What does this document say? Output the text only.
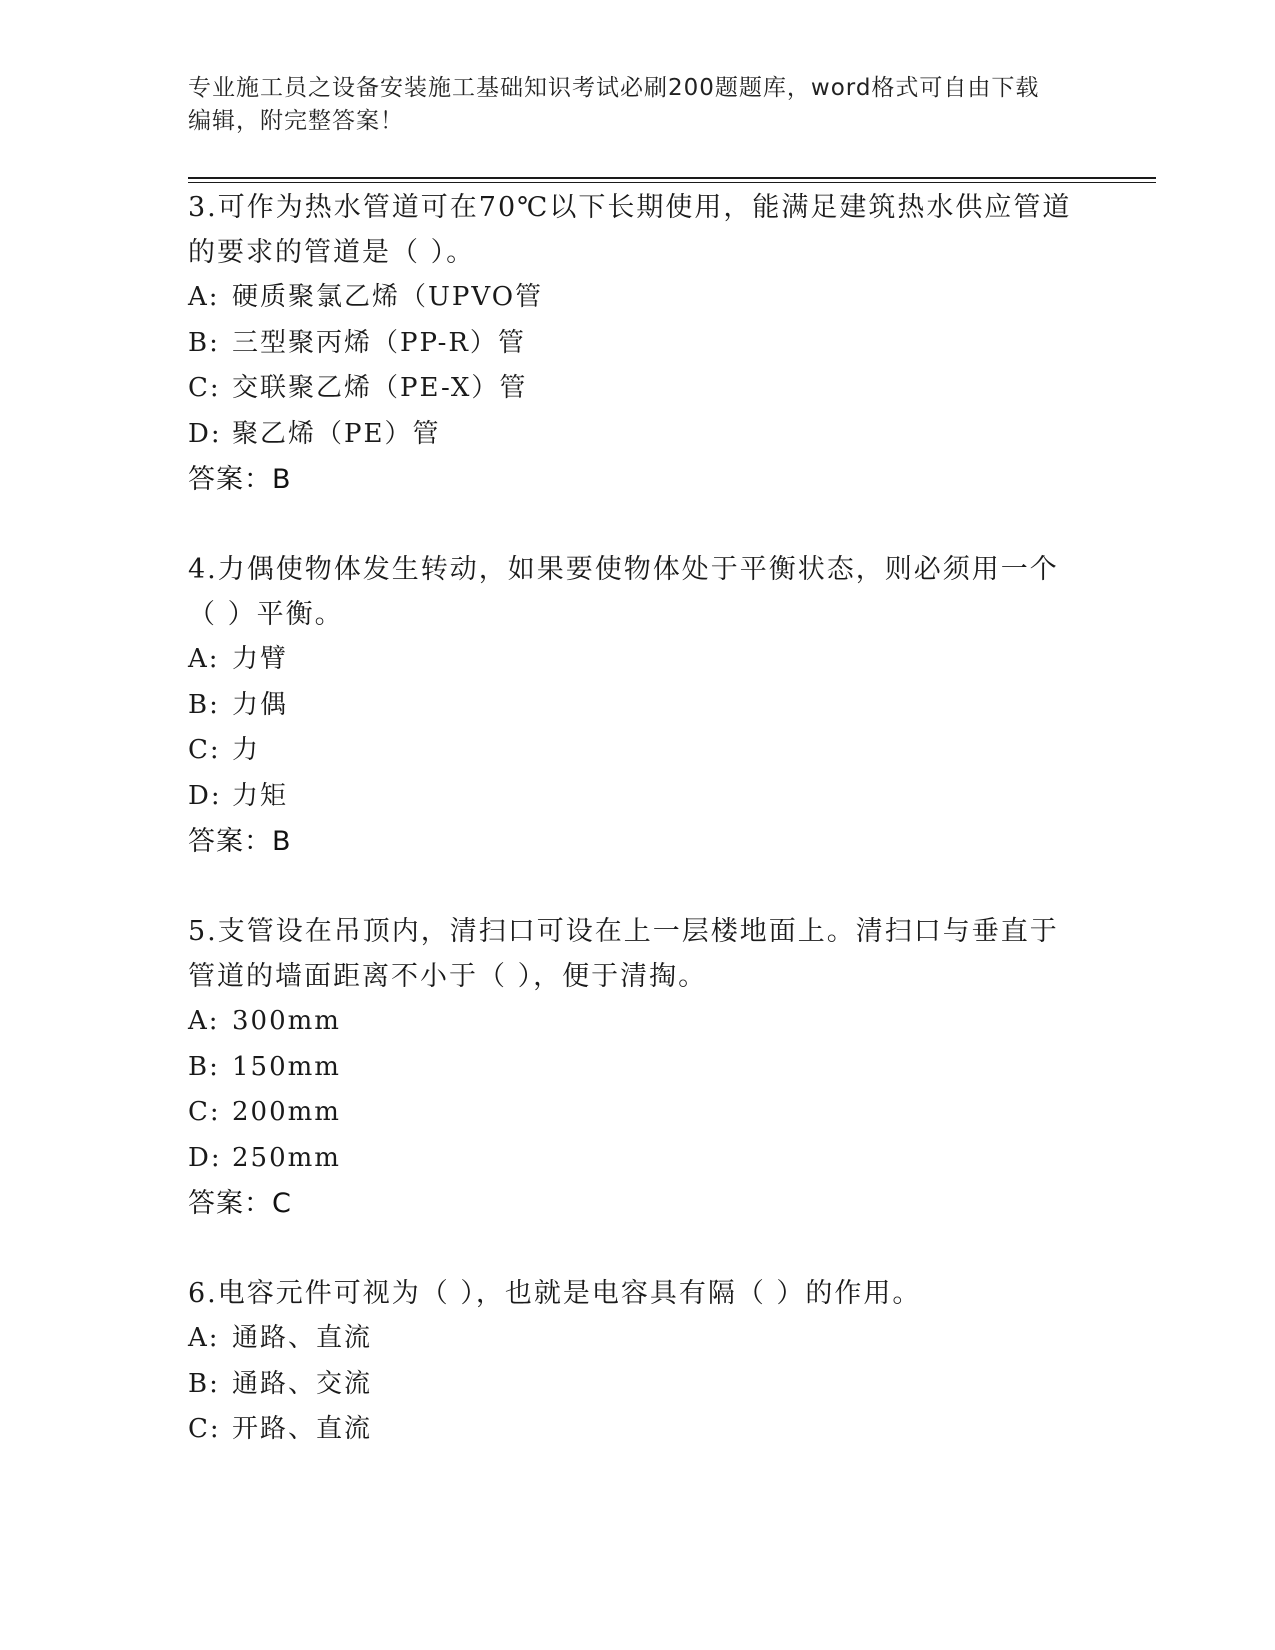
专业施工员之设备安装施工基础知识考试必刷200题题库，word格式可自由下载
编辑，附完整答案！
3.可作为热水管道可在70℃以下长期使用，能满足建筑热水供应管道
的要求的管道是（ ）。
A: 硬质聚氯乙烯（UPVO管
B: 三型聚丙烯（PP-R）管
C: 交联聚乙烯（PE-X）管
D: 聚乙烯（PE）管
答案：B
4.力偶使物体发生转动，如果要使物体处于平衡状态，则必须用一个
（ ）平衡。
A: 力臂
B: 力偶
C: 力
D: 力矩
答案：B
5.支管设在吊顶内，清扫口可设在上一层楼地面上。清扫口与垂直于
管道的墙面距离不小于（ ），便于清掏。
A: 300mm
B: 150mm
C: 200mm
D: 250mm
答案：C
6.电容元件可视为（ ），也就是电容具有隔（ ）的作用。
A: 通路、直流
B: 通路、交流
C: 开路、直流
